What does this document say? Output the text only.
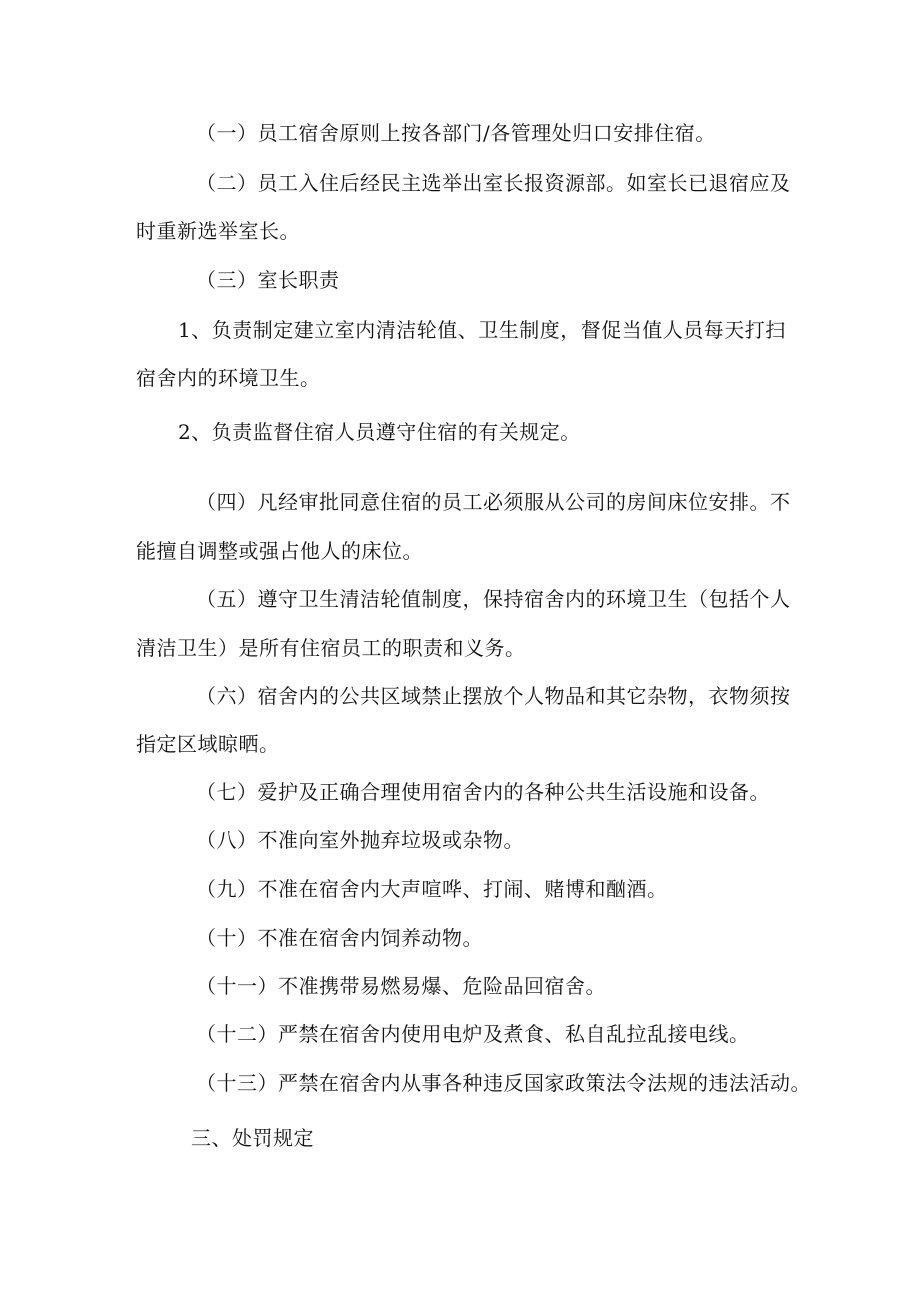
（一）员工宿舍原则上按各部门/各管理处归口安排住宿。
（二）员工入住后经民主选举出室长报资源部。如室长已退宿应及
时重新选举室长。
（三）室长职责
1、负责制定建立室内清洁轮值、卫生制度，督促当值人员每天打扫
宿舍内的环境卫生。
2、负责监督住宿人员遵守住宿的有关规定。
（四）凡经审批同意住宿的员工必须服从公司的房间床位安排。不
能擅自调整或强占他人的床位。
（五）遵守卫生清洁轮值制度，保持宿舍内的环境卫生（包括个人
清洁卫生）是所有住宿员工的职责和义务。
（六）宿舍内的公共区域禁止摆放个人物品和其它杂物，衣物须按
指定区域晾晒。
（七）爱护及正确合理使用宿舍内的各种公共生活设施和设备。
（八）不准向室外抛弃垃圾或杂物。
（九）不准在宿舍内大声喧哗、打闹、赌博和酗酒。
（十）不准在宿舍内饲养动物。
（十一）不准携带易燃易爆、危险品回宿舍。
（十二）严禁在宿舍内使用电炉及煮食、私自乱拉乱接电线。
（十三）严禁在宿舍内从事各种违反国家政策法令法规的违法活动。
三、处罚规定
